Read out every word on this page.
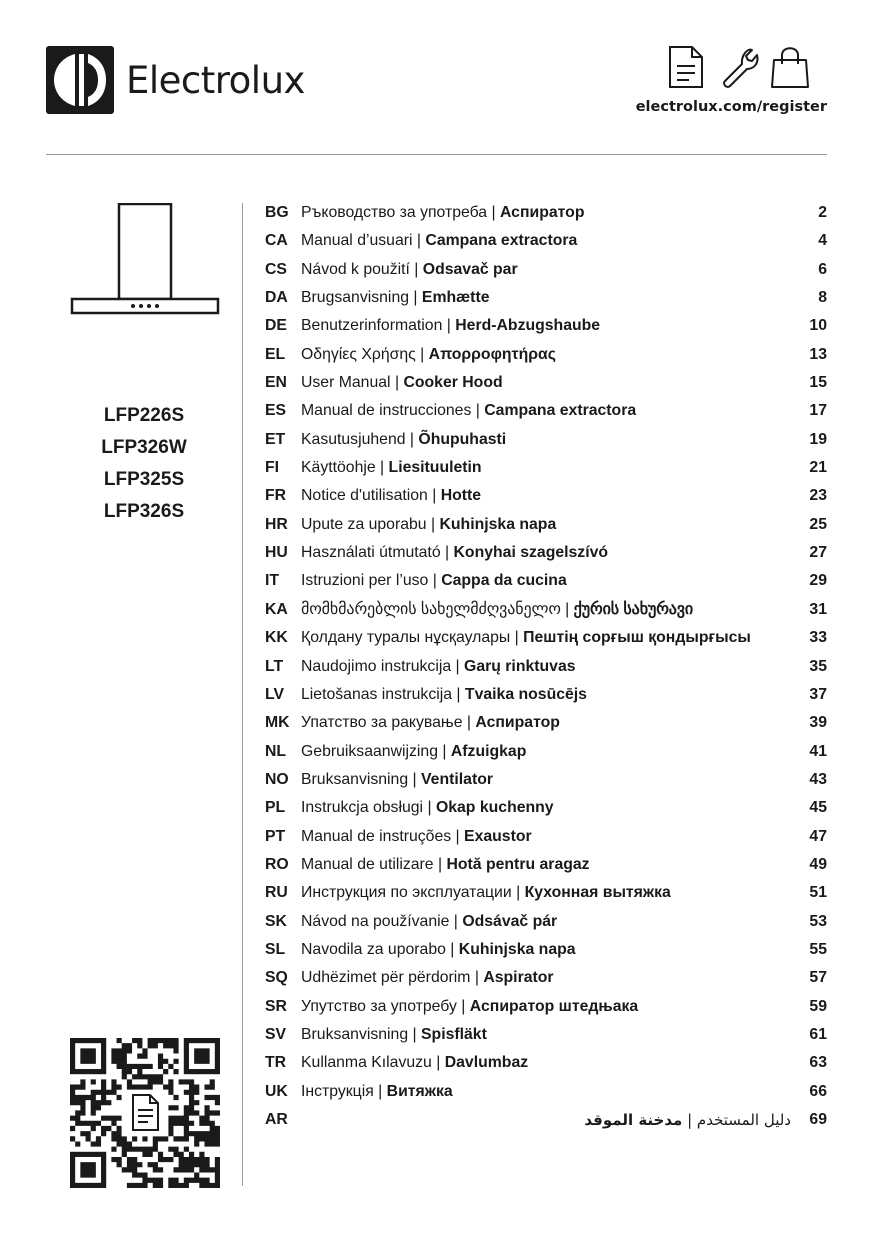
Electrolux
electrolux.com/register
LFP226S
LFP326W
LFP325S
LFP326S
BG Ръководство за употреба | Аспиратор	2
CA Manual d’usuari | Campana extractora	4
CS Návod k použití | Odsavač par	6
DA Brugsanvisning | Emhætte	8
DE Benutzerinformation | Herd-Abzugshaube	10
EL Οδηγίες Χρήσης | Απορροφητήρας	13
EN User Manual | Cooker Hood	15
ES Manual de instrucciones | Campana extractora	17
ET Kasutusjuhend | Õhupuhasti	19
FI Käyttöohje | Liesituuletin	21
FR Notice d'utilisation | Hotte	23
HR Upute za uporabu | Kuhinjska napa	25
HU Használati útmutató | Konyhai szagelszívó	27
IT Istruzioni per l’uso | Cappa da cucina	29
KA მომხმარებლის სახელმძღვანელო | ქურის სახურავი	31
KK Қолдану туралы нұсқаулары | Пештің сорғыш қондырғысы	33
LT Naudojimo instrukcija | Garų rinktuvas	35
LV Lietošanas instrukcija | Tvaika nosūcējs	37
MK Упатство за ракување | Аспиратор	39
NL Gebruiksaanwijzing | Afzuigkap	41
NO Bruksanvisning | Ventilator	43
PL Instrukcja obsługi | Okap kuchenny	45
PT Manual de instruções | Exaustor	47
RO Manual de utilizare | Hotă pentru aragaz	49
RU Инструкция по эксплуатации | Кухонная вытяжка	51
SK Návod na používanie | Odsávač pár	53
SL Navodila za uporabo | Kuhinjska napa	55
SQ Udhëzimet për përdorim | Aspirator	57
SR Упутство за употребу | Аспиратор штедњака	59
SV Bruksanvisning | Spisfläkt	61
TR Kullanma Kılavuzu | Davlumbaz	63
UK Інструкція | Витяжка	66
AR	دليل المستخدم | مدخنة الموقد	69
